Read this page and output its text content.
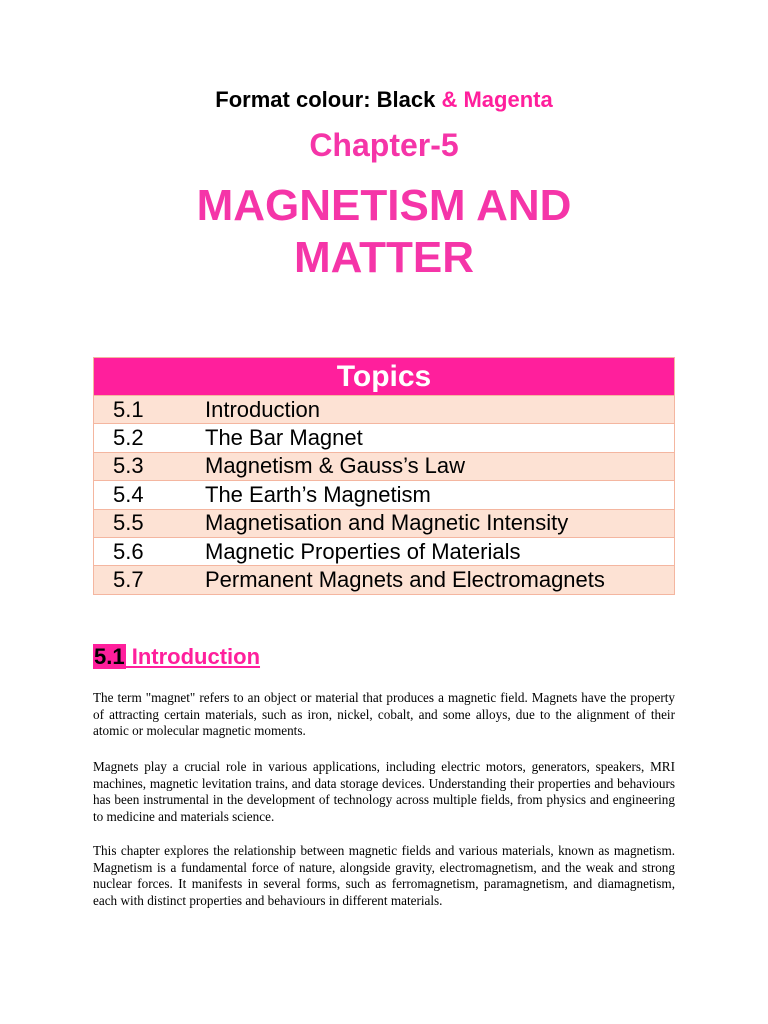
Format colour: Black & Magenta
Chapter-5
MAGNETISM AND
MATTER
Topics	
5.1	Introduction
5.2	The Bar Magnet
5.3	Magnetism & Gauss’s Law
5.4	The Earth’s Magnetism
5.5	Magnetisation and Magnetic Intensity
5.6	Magnetic Properties of Materials
5.7	Permanent Magnets and Electromagnets
5.1 Introduction

The term "magnet" refers to an object or material that produces a magnetic field. Magnets have the property of attracting certain materials, such as iron, nickel, cobalt, and some alloys, due to the alignment of their atomic or molecular magnetic moments.

Magnets play a crucial role in various applications, including electric motors, generators, speakers, MRI machines, magnetic levitation trains, and data storage devices. Understanding their properties and behaviours has been instrumental in the development of technology across multiple fields, from physics and engineering to medicine and materials science.

This chapter explores the relationship between magnetic fields and various materials, known as magnetism. Magnetism is a fundamental force of nature, alongside gravity, electromagnetism, and the weak and strong nuclear forces. It manifests in several forms, such as ferromagnetism, paramagnetism, and diamagnetism, each with distinct properties and behaviours in different materials.
